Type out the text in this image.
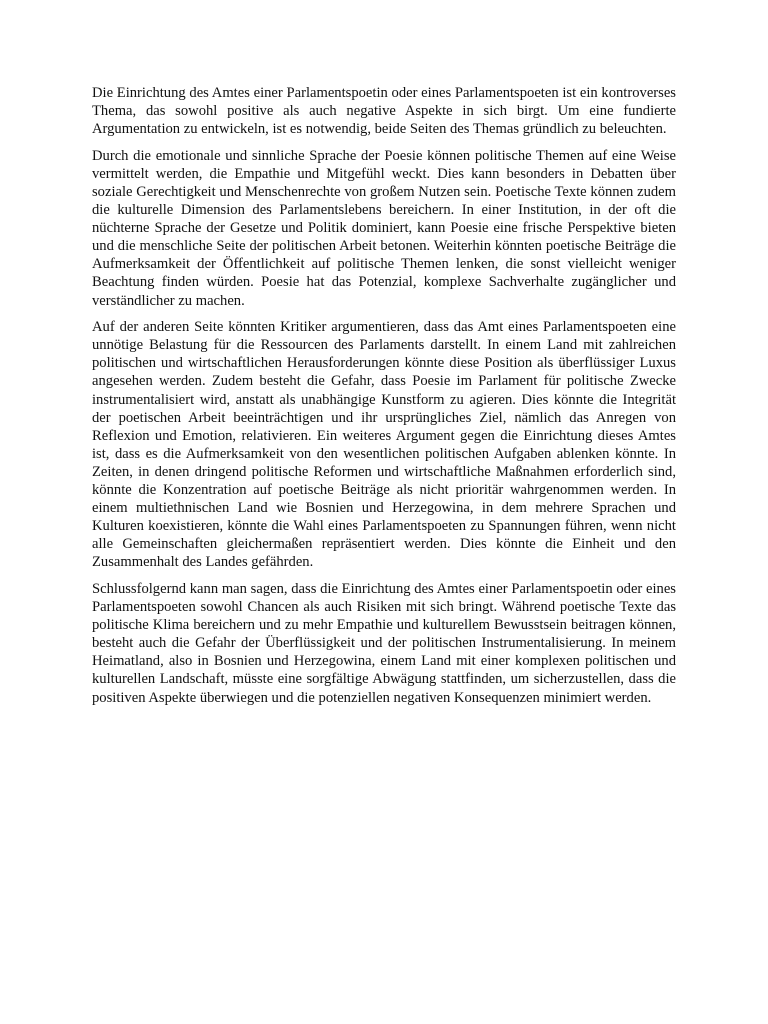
Die Einrichtung des Amtes einer Parlamentspoetin oder eines Parlamentspoeten ist ein kontroverses Thema, das sowohl positive als auch negative Aspekte in sich birgt. Um eine fundierte Argumentation zu entwickeln, ist es notwendig, beide Seiten des Themas gründlich zu beleuchten.

Durch die emotionale und sinnliche Sprache der Poesie können politische Themen auf eine Weise vermittelt werden, die Empathie und Mitgefühl weckt. Dies kann besonders in Debatten über soziale Gerechtigkeit und Menschenrechte von großem Nutzen sein. Poetische Texte können zudem die kulturelle Dimension des Parlamentslebens bereichern. In einer Institution, in der oft die nüchterne Sprache der Gesetze und Politik dominiert, kann Poesie eine frische Perspektive bieten und die menschliche Seite der politischen Arbeit betonen. Weiterhin könnten poetische Beiträge die Aufmerksamkeit der Öffentlichkeit auf politische Themen lenken, die sonst vielleicht weniger Beachtung finden würden. Poesie hat das Potenzial, komplexe Sachverhalte zugänglicher und verständlicher zu machen.

Auf der anderen Seite könnten Kritiker argumentieren, dass das Amt eines Parlamentspoeten eine unnötige Belastung für die Ressourcen des Parlaments darstellt. In einem Land mit zahlreichen politischen und wirtschaftlichen Herausforderungen könnte diese Position als überflüssiger Luxus angesehen werden. Zudem besteht die Gefahr, dass Poesie im Parlament für politische Zwecke instrumentalisiert wird, anstatt als unabhängige Kunstform zu agieren. Dies könnte die Integrität der poetischen Arbeit beeinträchtigen und ihr ursprüngliches Ziel, nämlich das Anregen von Reflexion und Emotion, relativieren. Ein weiteres Argument gegen die Einrichtung dieses Amtes ist, dass es die Aufmerksamkeit von den wesentlichen politischen Aufgaben ablenken könnte. In Zeiten, in denen dringend politische Reformen und wirtschaftliche Maßnahmen erforderlich sind, könnte die Konzentration auf poetische Beiträge als nicht prioritär wahrgenommen werden. In einem multiethnischen Land wie Bosnien und Herzegowina, in dem mehrere Sprachen und Kulturen koexistieren, könnte die Wahl eines Parlamentspoeten zu Spannungen führen, wenn nicht alle Gemeinschaften gleichermaßen repräsentiert werden. Dies könnte die Einheit und den Zusammenhalt des Landes gefährden.

Schlussfolgernd kann man sagen, dass die Einrichtung des Amtes einer Parlamentspoetin oder eines Parlamentspoeten sowohl Chancen als auch Risiken mit sich bringt. Während poetische Texte das politische Klima bereichern und zu mehr Empathie und kulturellem Bewusstsein beitragen können, besteht auch die Gefahr der Überflüssigkeit und der politischen Instrumentalisierung. In meinem Heimatland, also in Bosnien und Herzegowina, einem Land mit einer komplexen politischen und kulturellen Landschaft, müsste eine sorgfältige Abwägung stattfinden, um sicherzustellen, dass die positiven Aspekte überwiegen und die potenziellen negativen Konsequenzen minimiert werden.
